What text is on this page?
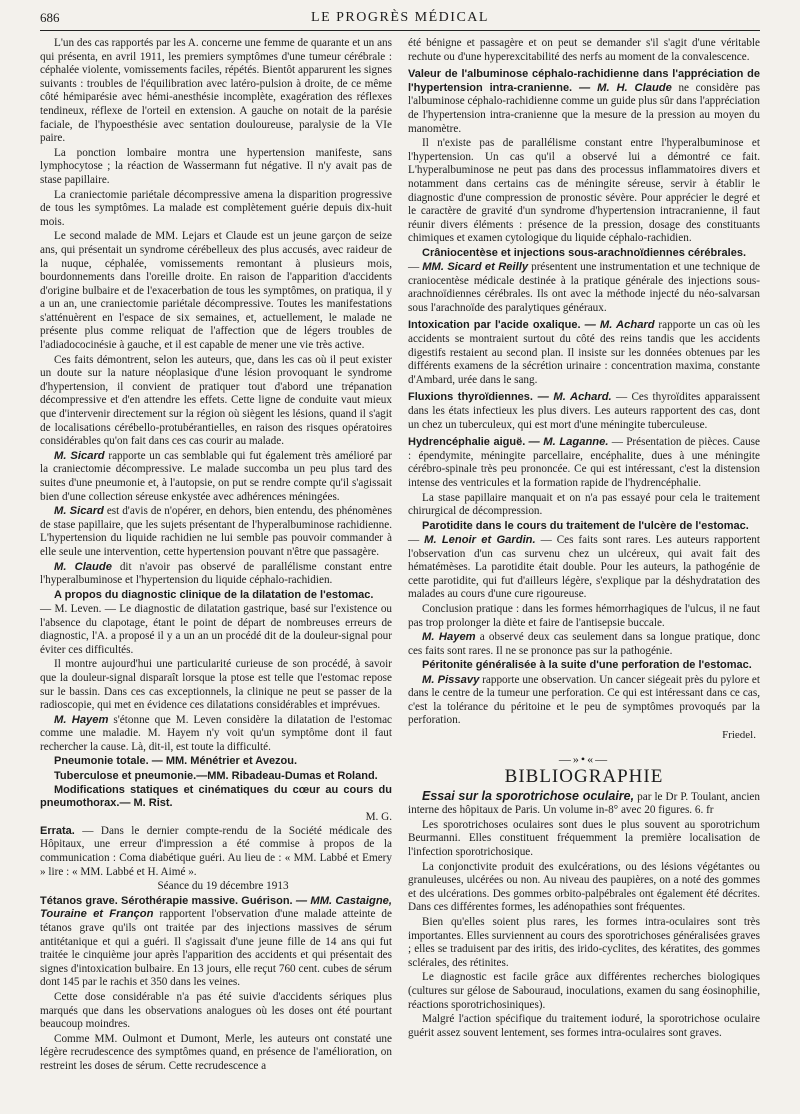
686	LE PROGRÈS MÉDICAL

L'un des cas rapportés par les A. concerne une femme de quarante et un ans qui présenta, en avril 1911, les premiers symptômes d'une tumeur cérébrale : céphalée violente, vomissements faciles, répétés. Bientôt apparurent les signes suivants : troubles de l'équilibration avec latéro-pulsion à droite, de ce même côté hémiparésie avec hémi-anesthésie incomplète, exagération des réflexes tendineux, réflexe de l'orteil en extension. A gauche on notait de la parésie faciale, de l'hypoesthésie avec sentation douloureuse, paralysie de la VIe paire.

La ponction lombaire montra une hypertension manifeste, sans lymphocytose ; la réaction de Wassermann fut négative. Il n'y avait pas de stase papillaire.

La craniectomie pariétale décompressive amena la disparition progressive de tous les symptômes. La malade est complètement guérie depuis dix-huit mois.

Le second malade de MM. Lejars et Claude est un jeune garçon de seize ans, qui présentait un syndrome cérébelleux des plus accusés, avec raideur de la nuque, céphalée, vomissements remontant à plusieurs mois, bourdonnements dans l'oreille droite. En raison de l'apparition d'accidents d'origine bulbaire et de l'exacerbation de tous les symptômes, on pratiqua, il y a un an, une craniectomie pariétale décompressive. Toutes les manifestations s'atténuèrent en l'espace de six semaines, et, actuellement, le malade ne présente plus comme reliquat de l'affection que de légers troubles de l'adiadococinésie à gauche, et il est capable de mener une vie très active.

Ces faits démontrent, selon les auteurs, que, dans les cas où il peut exister un doute sur la nature néoplasique d'une lésion provoquant le syndrome d'hypertension, il convient de pratiquer tout d'abord une trépanation décompressive et d'en attendre les effets. Cette ligne de conduite vaut mieux que d'intervenir directement sur la région où siègent les lésions, quand il s'agit de localisations cérébello-protubérantielles, en raison des risques opératoires considérables qu'on fait dans ces cas courir au malade.

M. Sicard rapporte un cas semblable qui fut également très amélioré par la craniectomie décompressive. Le malade succomba un peu plus tard des suites d'une pneumonie et, à l'autopsie, on put se rendre compte qu'il s'agissait bien d'une collection séreuse enkystée avec adhérences méningées.

M. Sicard est d'avis de n'opérer, en dehors, bien entendu, des phénomènes de stase papillaire, que les sujets présentant de l'hyperalbuminose rachidienne. L'hypertension du liquide rachidien ne lui semble pas pouvoir commander à elle seule une intervention, cette hypertension pouvant n'être que passagère.

M. Claude dit n'avoir pas observé de parallélisme constant entre l'hyperalbuminose et l'hypertension du liquide céphalo-rachidien.

A propos du diagnostic clinique de la dilatation de l'estomac.

— M. Leven. — Le diagnostic de dilatation gastrique, basé sur l'existence ou l'absence du clapotage, étant le point de départ de nombreuses erreurs de diagnostic, l'A. a proposé il y a un an un procédé dit de la douleur-signal pour éviter ces difficultés.

Il montre aujourd'hui une particularité curieuse de son procédé, à savoir que la douleur-signal disparaît lorsque la ptose est telle que l'estomac repose sur le bassin. Dans ces cas exceptionnels, la clinique ne peut se passer de la radioscopie, qui met en évidence ces dilatations considérables et imprévues.

M. Hayem s'étonne que M. Leven considère la dilatation de l'estomac comme une maladie. M. Hayem n'y voit qu'un symptôme dont il faut rechercher la cause. Là, dit-il, est toute la difficulté.

Pneumonie totale. — MM. Ménétrier et Avezou.

Tuberculose et pneumonie.—MM. Ribadeau-Dumas et Roland.

Modifications statiques et cinématiques du cœur au cours du pneumothorax.— M. Rist.

M. G.

Errata. — Dans le dernier compte-rendu de la Société médicale des Hôpitaux, une erreur d'impression a été commise à propos de la communication : Coma diabétique guéri. Au lieu de : « MM. Labbé et Emery » lire : « MM. Labbé et H. Aimé ».

Séance du 19 décembre 1913

Tétanos grave. Sérothérapie massive. Guérison. — MM. Castaigne, Touraine et Françon rapportent l'observation d'une malade atteinte de tétanos grave qu'ils ont traitée par des injections massives de sérum antitétanique et qui a guéri. Il s'agissait d'une jeune fille de 14 ans qui fut traitée le cinquième jour après l'apparition des accidents et qui présentait des signes d'intoxication bulbaire. En 13 jours, elle reçut 760 cent. cubes de sérum dont 145 par le rachis et 350 dans les veines.

Cette dose considérable n'a pas été suivie d'accidents sériques plus marqués que dans les observations analogues où les doses ont été pourtant beaucoup moindres.

Comme MM. Oulmont et Dumont, Merle, les auteurs ont constaté une légère recrudescence des symptômes quand, en présence de l'amélioration, on restreint les doses de sérum. Cette recrudescence a

été bénigne et passagère et on peut se demander s'il s'agit d'une véritable rechute ou d'une hyperexcitabilité des nerfs au moment de la convalescence.

Valeur de l'albuminose céphalo-rachidienne dans l'appréciation de l'hypertension intra-cranienne. — M. H. Claude ne considère pas l'albuminose céphalo-rachidienne comme un guide plus sûr dans l'appréciation de l'hypertension intra-cranienne que la mesure de la pression au moyen du manomètre.

Il n'existe pas de parallélisme constant entre l'hyperalbuminose et l'hypertension. Un cas qu'il a observé lui a démontré ce fait. L'hyperalbuminose ne peut pas dans des processus inflammatoires divers et notamment dans certains cas de méningite séreuse, servir à établir le diagnostic d'une compression de pronostic sévère. Pour apprécier le degré et le caractère de gravité d'un syndrome d'hypertension intracranienne, il faut réunir divers éléments : présence de la pression, dosage des constituants chimiques et examen cytologique du liquide céphalo-rachidien.

Crâniocentèse et injections sous-arachnoïdiennes cérébrales.

— MM. Sicard et Reilly présentent une instrumentation et une technique de craniocentèse médicale destinée à la pratique générale des injections sous-arachnoïdiennes cérébrales. Ils ont avec la méthode injecté du néo-salvarsan sous l'arachnoïde des paralytiques généraux.

Intoxication par l'acide oxalique. — M. Achard rapporte un cas où les accidents se montraient surtout du côté des reins tandis que les accidents digestifs restaient au second plan. Il insiste sur les données obtenues par les différents examens de la sécrétion urinaire : concentration maxima, constante d'Ambard, urée dans le sang.

Fluxions thyroïdiennes. — M. Achard. — Ces thyroïdites apparaissent dans les états infectieux les plus divers. Les auteurs rapportent des cas, dont un chez un tuberculeux, qui est mort d'une méningite tuberculeuse.

Hydrencéphalie aiguë. — M. Laganne. — Présentation de pièces. Cause : épendymite, méningite parcellaire, encéphalite, dues à une méningite cérébro-spinale très peu prononcée. Ce qui est intéressant, c'est la distension intense des ventricules et la formation rapide de l'hydrencéphalie.

La stase papillaire manquait et on n'a pas essayé pour cela le traitement chirurgical de décompression.

Parotidite dans le cours du traitement de l'ulcère de l'estomac.

— M. Lenoir et Gardin. — Ces faits sont rares. Les auteurs rapportent l'observation d'un cas survenu chez un ulcéreux, qui avait fait des hématémèses. La parotidite était double. Pour les auteurs, la pathogénie de cette parotidite, qui fut d'ailleurs légère, s'explique par la déshydratation des malades au cours d'une cure rigoureuse.

Conclusion pratique : dans les formes hémorrhagiques de l'ulcus, il ne faut pas trop prolonger la diète et faire de l'antisepsie buccale.

M. Hayem a observé deux cas seulement dans sa longue pratique, donc ces faits sont rares. Il ne se prononce pas sur la pathogénie.

Péritonite généralisée à la suite d'une perforation de l'estomac.

M. Pissavy rapporte une observation. Un cancer siégeait près du pylore et dans le centre de la tumeur une perforation. Ce qui est intéressant dans ce cas, c'est la tolérance du péritoine et le peu de symptômes provoqués par la perforation.

Friedel.
—»•«—
BIBLIOGRAPHIE

Essai sur la sporotrichose oculaire, par le Dr P. Toulant, ancien interne des hôpitaux de Paris. Un volume in-8° avec 20 figures. 6. fr

Les sporotrichoses oculaires sont dues le plus souvent au sporotrichum Beurmanni. Elles constituent fréquemment la première localisation de l'infection sporotrichosique.

La conjonctivite produit des exulcérations, ou des lésions végétantes ou granuleuses, ulcérées ou non. Au niveau des paupières, on a noté des gommes et des ulcérations. Des gommes orbito-palpébrales ont également été décrites. Dans ces différentes formes, les adénopathies sont fréquentes.

Bien qu'elles soient plus rares, les formes intra-oculaires sont très importantes. Elles surviennent au cours des sporotrichoses généralisées graves ; elles se traduisent par des iritis, des irido-cyclites, des kératites, des gommes sclérales, des rétinites.

Le diagnostic est facile grâce aux différentes recherches biologiques (cultures sur gélose de Sabouraud, inoculations, examen du sang éosinophilie, réactions sporotrichosiniques).

Malgré l'action spécifique du traitement ioduré, la sporotrichose oculaire guérit assez souvent lentement, ses formes intra-oculaires sont graves.
